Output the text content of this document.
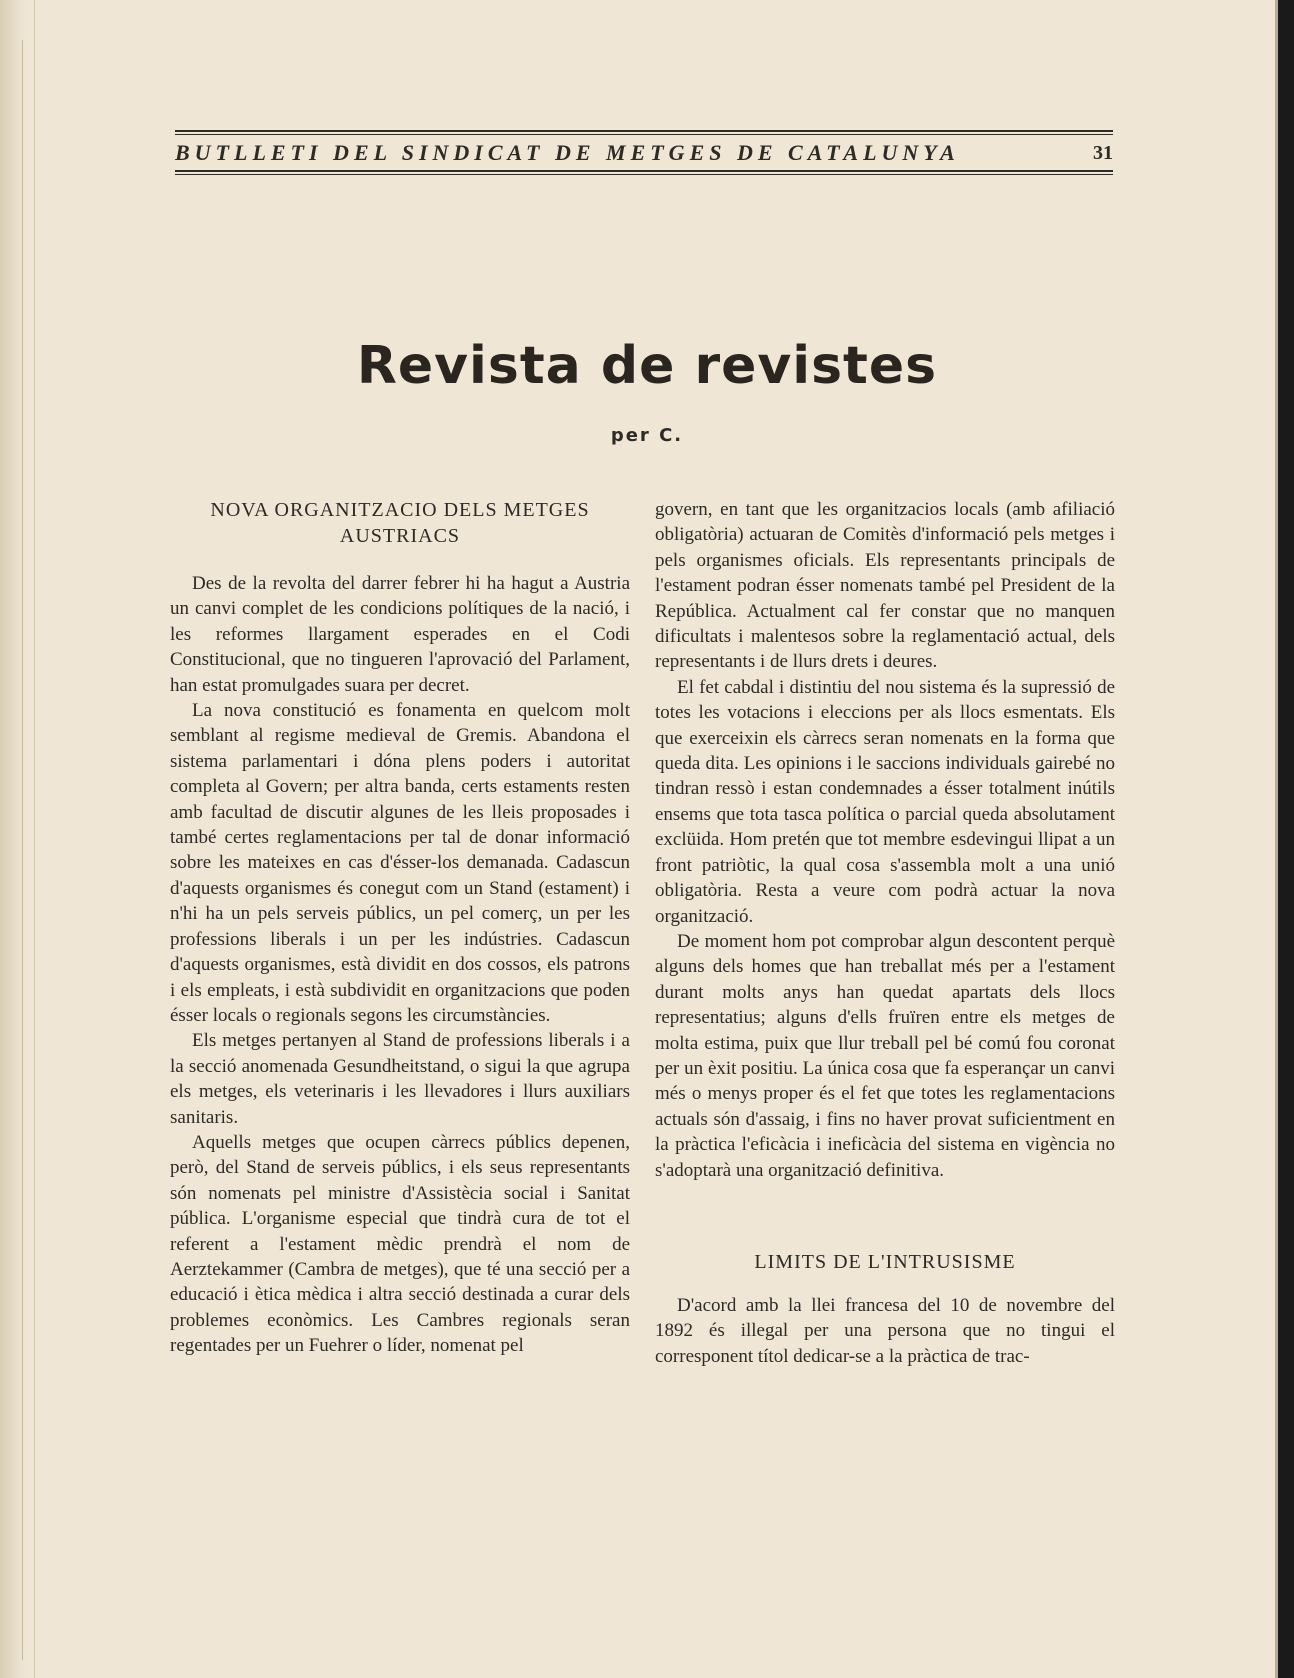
BUTLLETI DEL SINDICAT DE METGES DE CATALUNYA	31
Revista de revistes
per C.
NOVA ORGANITZACIO DELS METGES
AUSTRIACS

Des de la revolta del darrer febrer hi ha hagut a Austria un canvi complet de les condicions polítiques de la nació, i les reformes llargament esperades en el Codi Constitucional, que no tingueren l'aprovació del Parlament, han estat promulgades suara per decret.

La nova constitució es fonamenta en quelcom molt semblant al regisme medieval de Gremis. Abandona el sistema parlamentari i dóna plens poders i autoritat completa al Govern; per altra banda, certs estaments resten amb facultad de discutir algunes de les lleis proposades i també certes reglamentacions per tal de donar informació sobre les mateixes en cas d'ésser-los demanada. Cadascun d'aquests organismes és conegut com un Stand (estament) i n'hi ha un pels serveis públics, un pel comerç, un per les professions liberals i un per les indústries. Cadascun d'aquests organismes, està dividit en dos cossos, els patrons i els empleats, i està subdividit en organitzacions que poden ésser locals o regionals segons les circumstàncies.

Els metges pertanyen al Stand de professions liberals i a la secció anomenada Gesundheitstand, o sigui la que agrupa els metges, els veterinaris i les llevadores i llurs auxiliars sanitaris.

Aquells metges que ocupen càrrecs públics depenen, però, del Stand de serveis públics, i els seus representants són nomenats pel ministre d'Assistècia social i Sanitat pública. L'organisme especial que tindrà cura de tot el referent a l'estament mèdic prendrà el nom de Aerztekammer (Cambra de metges), que té una secció per a educació i ètica mèdica i altra secció destinada a curar dels problemes econòmics. Les Cambres regionals seran regentades per un Fuehrer o líder, nomenat pel

govern, en tant que les organitzacios locals (amb afiliació obligatòria) actuaran de Comitès d'informació pels metges i pels organismes oficials. Els representants principals de l'estament podran ésser nomenats també pel President de la República. Actualment cal fer constar que no manquen dificultats i malentesos sobre la reglamentació actual, dels representants i de llurs drets i deures.

El fet cabdal i distintiu del nou sistema és la supressió de totes les votacions i eleccions per als llocs esmentats. Els que exerceixin els càrrecs seran nomenats en la forma que queda dita. Les opinions i le saccions individuals gairebé no tindran ressò i estan condemnades a ésser totalment inútils ensems que tota tasca política o parcial queda absolutament exclüida. Hom pretén que tot membre esdevingui llipat a un front patriòtic, la qual cosa s'assembla molt a una unió obligatòria. Resta a veure com podrà actuar la nova organització.

De moment hom pot comprobar algun descontent perquè alguns dels homes que han treballat més per a l'estament durant molts anys han quedat apartats dels llocs representatius; alguns d'ells fruïren entre els metges de molta estima, puix que llur treball pel bé comú fou coronat per un èxit positiu. La única cosa que fa esperançar un canvi més o menys proper és el fet que totes les reglamentacions actuals són d'assaig, i fins no haver provat suficientment en la pràctica l'eficàcia i ineficàcia del sistema en vigència no s'adoptarà una organització definitiva.

LIMITS DE L'INTRUSISME

D'acord amb la llei francesa del 10 de novembre del 1892 és illegal per una persona que no tingui el corresponent títol dedicar-se a la pràctica de trac-
